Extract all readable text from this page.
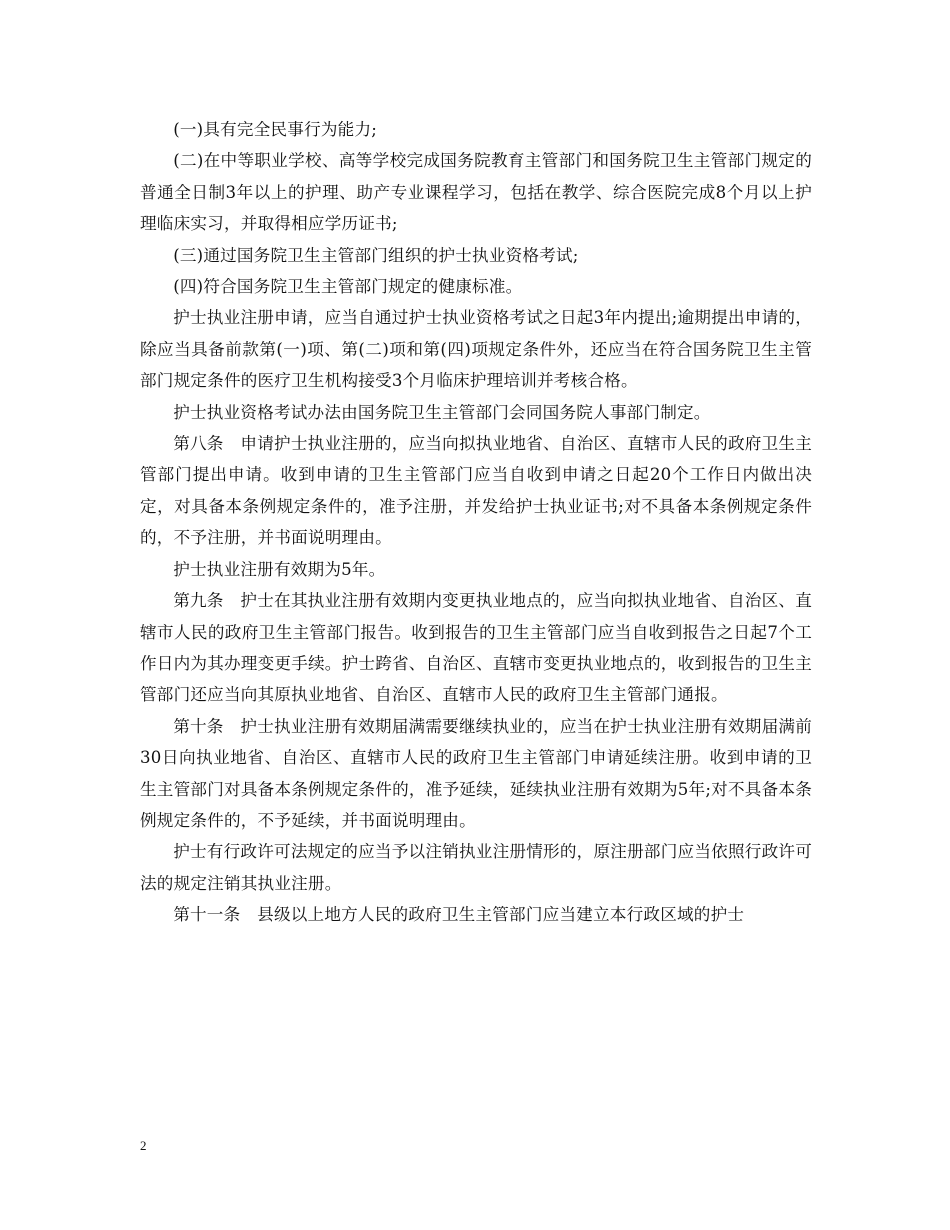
(一)具有完全民事行为能力;

(二)在中等职业学校、高等学校完成国务院教育主管部门和国务院卫生主管部门规定的普通全日制3年以上的护理、助产专业课程学习，包括在教学、综合医院完成8个月以上护理临床实习，并取得相应学历证书;

(三)通过国务院卫生主管部门组织的护士执业资格考试;

(四)符合国务院卫生主管部门规定的健康标准。

护士执业注册申请，应当自通过护士执业资格考试之日起3年内提出;逾期提出申请的，除应当具备前款第(一)项、第(二)项和第(四)项规定条件外，还应当在符合国务院卫生主管部门规定条件的医疗卫生机构接受3个月临床护理培训并考核合格。

护士执业资格考试办法由国务院卫生主管部门会同国务院人事部门制定。

第八条　申请护士执业注册的，应当向拟执业地省、自治区、直辖市人民的政府卫生主管部门提出申请。收到申请的卫生主管部门应当自收到申请之日起20个工作日内做出决定，对具备本条例规定条件的，准予注册，并发给护士执业证书;对不具备本条例规定条件的，不予注册，并书面说明理由。

护士执业注册有效期为5年。

第九条　护士在其执业注册有效期内变更执业地点的，应当向拟执业地省、自治区、直辖市人民的政府卫生主管部门报告。收到报告的卫生主管部门应当自收到报告之日起7个工作日内为其办理变更手续。护士跨省、自治区、直辖市变更执业地点的，收到报告的卫生主管部门还应当向其原执业地省、自治区、直辖市人民的政府卫生主管部门通报。

第十条　护士执业注册有效期届满需要继续执业的，应当在护士执业注册有效期届满前30日向执业地省、自治区、直辖市人民的政府卫生主管部门申请延续注册。收到申请的卫生主管部门对具备本条例规定条件的，准予延续，延续执业注册有效期为5年;对不具备本条例规定条件的，不予延续，并书面说明理由。

护士有行政许可法规定的应当予以注销执业注册情形的，原注册部门应当依照行政许可法的规定注销其执业注册。

第十一条　县级以上地方人民的政府卫生主管部门应当建立本行政区域的护士

2
